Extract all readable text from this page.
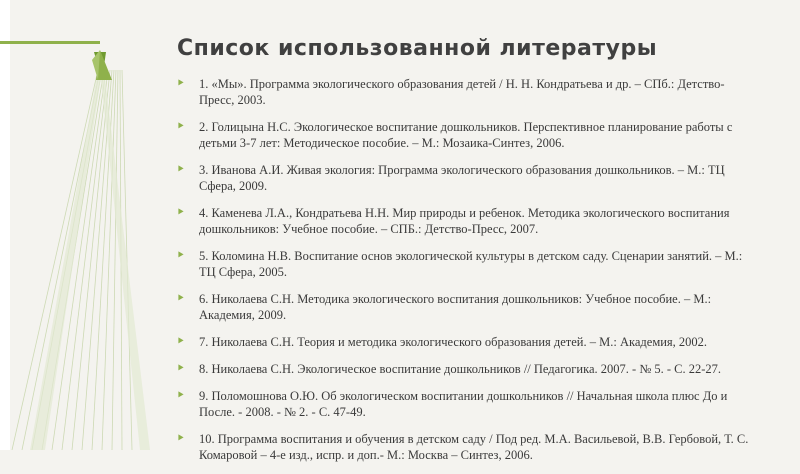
Список использованной литературы
⯈	1. «Мы». Программа экологического образования детей / Н. Н. Кондратьева и др. – СПб.: Детство-Пресс, 2003.
⯈	2. Голицына Н.С. Экологическое воспитание дошкольников. Перспективное планирование работы с детьми 3-7 лет: Методическое пособие. – М.: Мозаика-Синтез, 2006.
⯈	3. Иванова А.И. Живая экология: Программа экологического образования дошкольников. – М.: ТЦ Сфера, 2009.
⯈	4. Каменева Л.А., Кондратьева Н.Н. Мир природы и ребенок. Методика экологического воспитания дошкольников: Учебное пособие. – СПБ.: Детство-Пресс, 2007.
⯈	5. Коломина Н.В. Воспитание основ экологической культуры в детском саду. Сценарии занятий. – М.: ТЦ Сфера, 2005.
⯈	6. Николаева С.Н. Методика экологического воспитания дошкольников: Учебное пособие. – М.: Академия, 2009.
⯈	7. Николаева С.Н. Теория и методика экологического образования детей. – М.: Академия, 2002.
⯈	8. Николаева С.Н. Экологическое воспитание дошкольников // Педагогика. 2007. - № 5. - С. 22-27.
⯈	9. Поломошнова О.Ю. Об экологическом воспитании дошкольников // Начальная школа плюс До и После. - 2008. - № 2. - С. 47-49.
⯈	10. Программа воспитания и обучения в детском саду / Под ред. М.А. Васильевой, В.В. Гербовой, Т. С. Комаровой – 4-е изд., испр. и доп.- М.: Москва – Синтез, 2006.
